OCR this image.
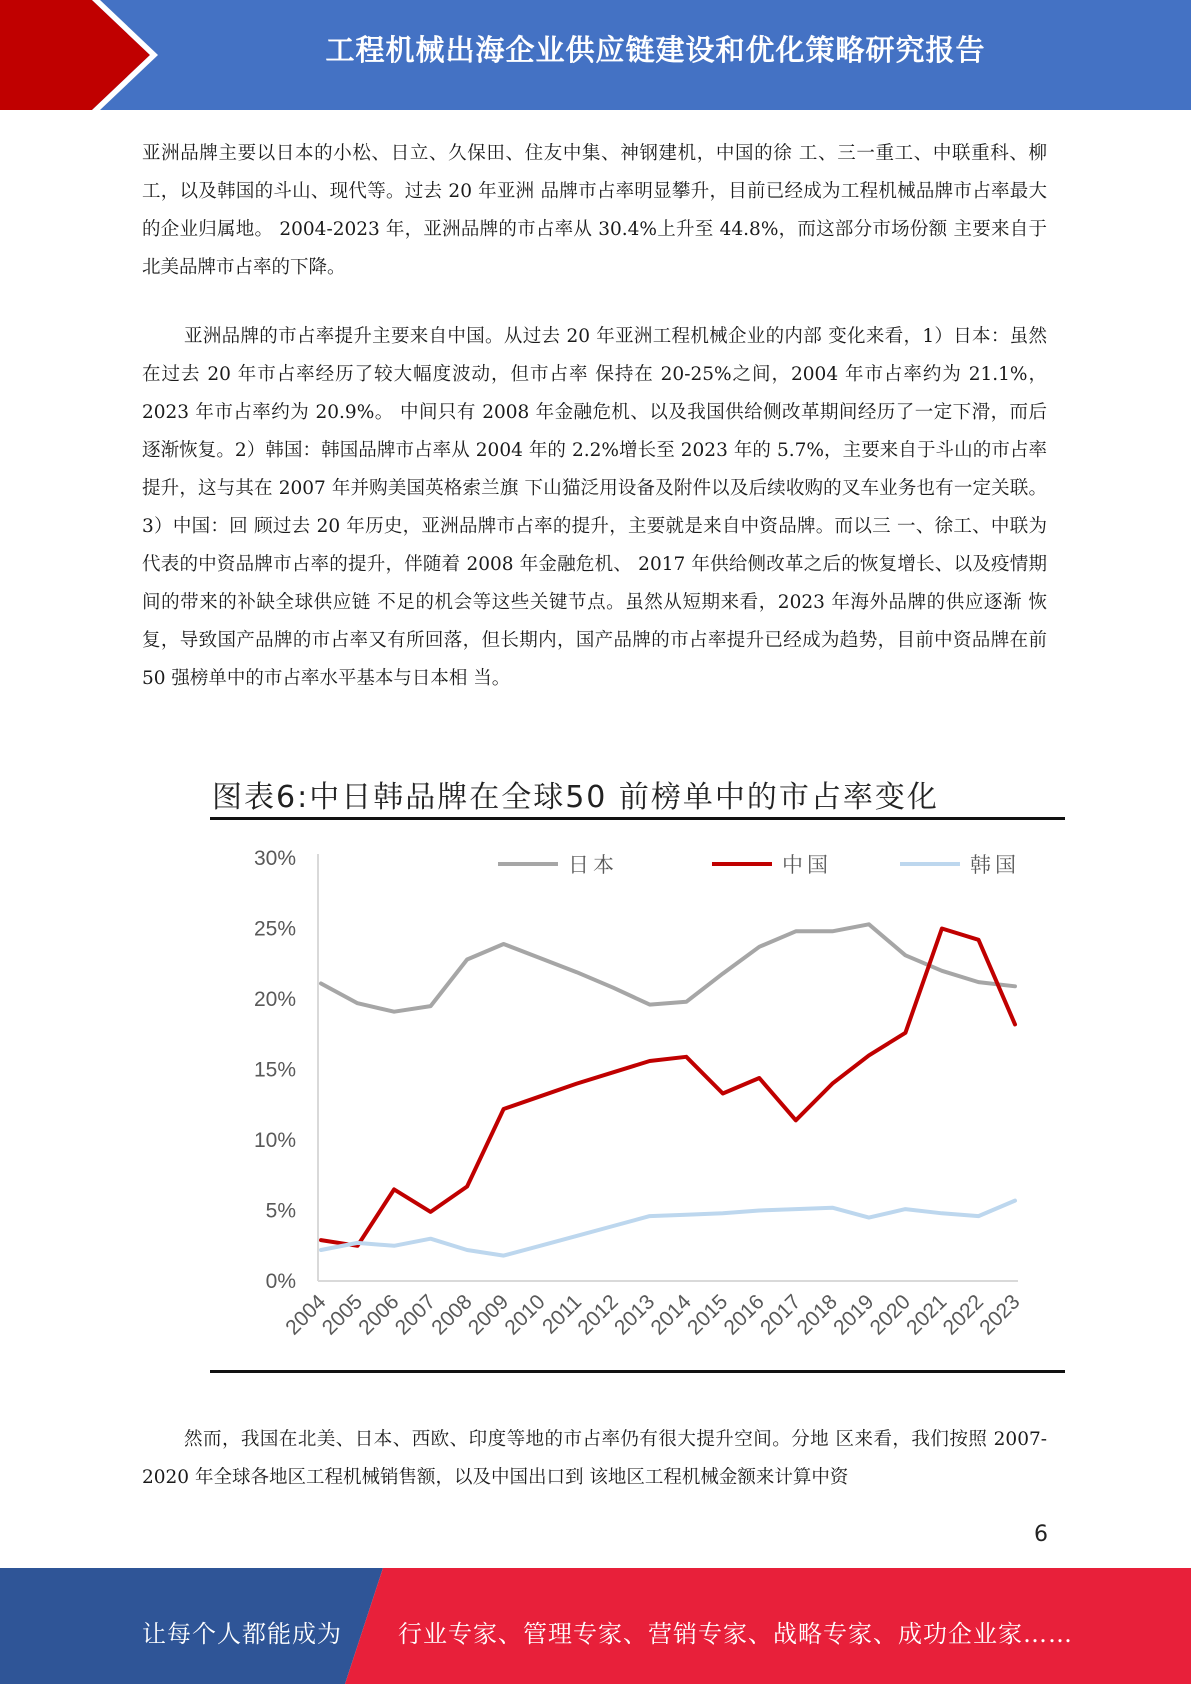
工程机械出海企业供应链建设和优化策略研究报告

亚洲品牌主要以日本的小松、日立、久保田、住友中集、神钢建机，中国的徐 工、三一重工、中联重科、柳工，以及韩国的斗山、现代等。过去 20 年亚洲 品牌市占率明显攀升，目前已经成为工程机械品牌市占率最大的企业归属地。 2004-2023 年，亚洲品牌的市占率从 30.4%上升至 44.8%，而这部分市场份额 主要来自于北美品牌市占率的下降。

亚洲品牌的市占率提升主要来自中国。从过去 20 年亚洲工程机械企业的内部 变化来看，1）日本：虽然在过去 20 年市占率经历了较大幅度波动，但市占率 保持在 20-25%之间，2004 年市占率约为 21.1%，2023 年市占率约为 20.9%。 中间只有 2008 年金融危机、以及我国供给侧改革期间经历了一定下滑，而后 逐渐恢复。2）韩国：韩国品牌市占率从 2004 年的 2.2%增长至 2023 年的 5.7%，主要来自于斗山的市占率提升，这与其在 2007 年并购美国英格索兰旗 下山猫泛用设备及附件以及后续收购的叉车业务也有一定关联。3）中国：回 顾过去 20 年历史，亚洲品牌市占率的提升，主要就是来自中资品牌。而以三 一、徐工、中联为代表的中资品牌市占率的提升，伴随着 2008 年金融危机、 2017 年供给侧改革之后的恢复增长、以及疫情期间的带来的补缺全球供应链 不足的机会等这些关键节点。虽然从短期来看，2023 年海外品牌的供应逐渐 恢复，导致国产品牌的市占率又有所回落，但长期内，国产品牌的市占率提升已经成为趋势，目前中资品牌在前 50 强榜单中的市占率水平基本与日本相 当。

图表6:中日韩品牌在全球50 前榜单中的市占率变化
0%
5%
10%
15%
20%
25%
30%
2004
2005
2006
2007
2008
2009
2010
2011
2012
2013
2014
2015
2016
2017
2018
2019
2020
2021
2022
2023
日本	中国	韩国

然而，我国在北美、日本、西欧、印度等地的市占率仍有很大提升空间。分地 区来看，我们按照 2007-2020 年全球各地区工程机械销售额，以及中国出口到 该地区工程机械金额来计算中资

6
让每个人都能成为 行业专家、管理专家、营销专家、战略专家、成功企业家……
